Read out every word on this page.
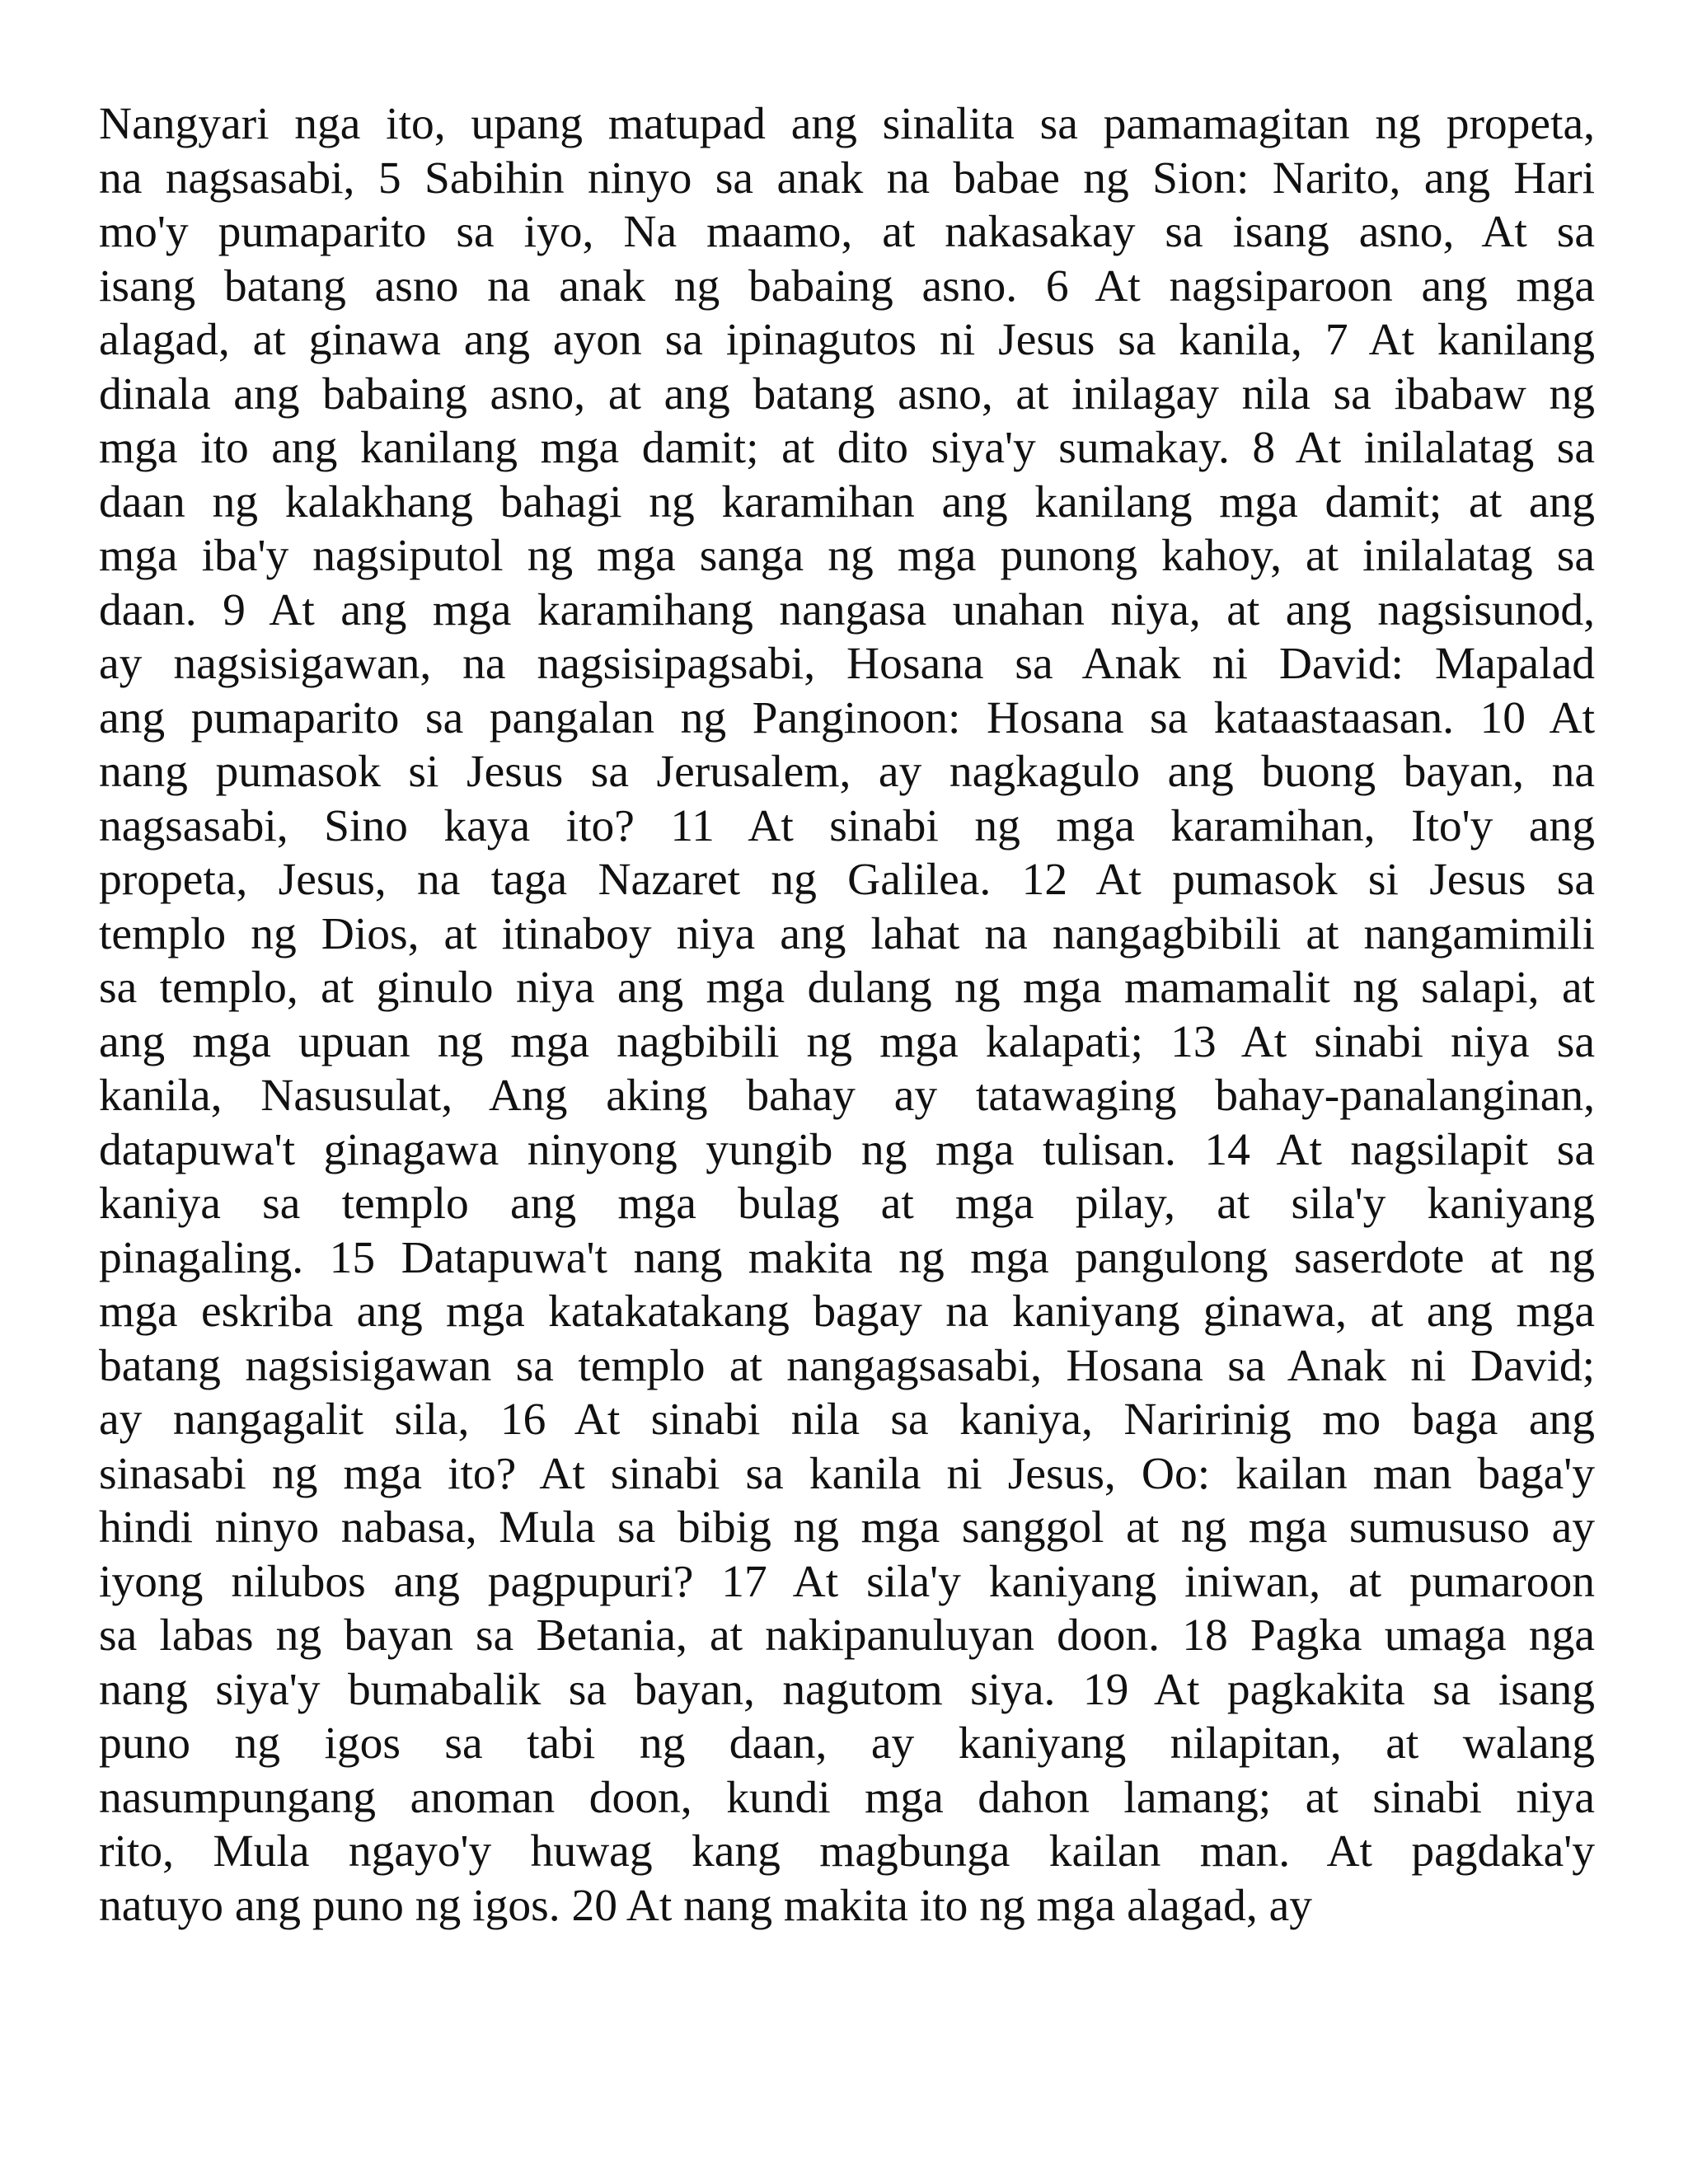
Nangyari nga ito, upang matupad ang sinalita sa pamamagitan ng propeta,
na nagsasabi, 5 Sabihin ninyo sa anak na babae ng Sion: Narito, ang Hari
mo'y pumaparito sa iyo, Na maamo, at nakasakay sa isang asno, At sa
isang batang asno na anak ng babaing asno. 6 At nagsiparoon ang mga
alagad, at ginawa ang ayon sa ipinagutos ni Jesus sa kanila, 7 At kanilang
dinala ang babaing asno, at ang batang asno, at inilagay nila sa ibabaw ng
mga ito ang kanilang mga damit; at dito siya'y sumakay. 8 At inilalatag sa
daan ng kalakhang bahagi ng karamihan ang kanilang mga damit; at ang
mga iba'y nagsiputol ng mga sanga ng mga punong kahoy, at inilalatag sa
daan. 9 At ang mga karamihang nangasa unahan niya, at ang nagsisunod,
ay nagsisigawan, na nagsisipagsabi, Hosana sa Anak ni David: Mapalad
ang pumaparito sa pangalan ng Panginoon: Hosana sa kataastaasan. 10 At
nang pumasok si Jesus sa Jerusalem, ay nagkagulo ang buong bayan, na
nagsasabi, Sino kaya ito? 11 At sinabi ng mga karamihan, Ito'y ang
propeta, Jesus, na taga Nazaret ng Galilea. 12 At pumasok si Jesus sa
templo ng Dios, at itinaboy niya ang lahat na nangagbibili at nangamimili
sa templo, at ginulo niya ang mga dulang ng mga mamamalit ng salapi, at
ang mga upuan ng mga nagbibili ng mga kalapati; 13 At sinabi niya sa
kanila, Nasusulat, Ang aking bahay ay tatawaging bahay-panalanginan,
datapuwa't ginagawa ninyong yungib ng mga tulisan. 14 At nagsilapit sa
kaniya sa templo ang mga bulag at mga pilay, at sila'y kaniyang
pinagaling. 15 Datapuwa't nang makita ng mga pangulong saserdote at ng
mga eskriba ang mga katakatakang bagay na kaniyang ginawa, at ang mga
batang nagsisigawan sa templo at nangagsasabi, Hosana sa Anak ni David;
ay nangagalit sila, 16 At sinabi nila sa kaniya, Naririnig mo baga ang
sinasabi ng mga ito? At sinabi sa kanila ni Jesus, Oo: kailan man baga'y
hindi ninyo nabasa, Mula sa bibig ng mga sanggol at ng mga sumususo ay
iyong nilubos ang pagpupuri? 17 At sila'y kaniyang iniwan, at pumaroon
sa labas ng bayan sa Betania, at nakipanuluyan doon. 18 Pagka umaga nga
nang siya'y bumabalik sa bayan, nagutom siya. 19 At pagkakita sa isang
puno ng igos sa tabi ng daan, ay kaniyang nilapitan, at walang
nasumpungang anoman doon, kundi mga dahon lamang; at sinabi niya
rito, Mula ngayo'y huwag kang magbunga kailan man. At pagdaka'y
natuyo ang puno ng igos. 20 At nang makita ito ng mga alagad, ay
